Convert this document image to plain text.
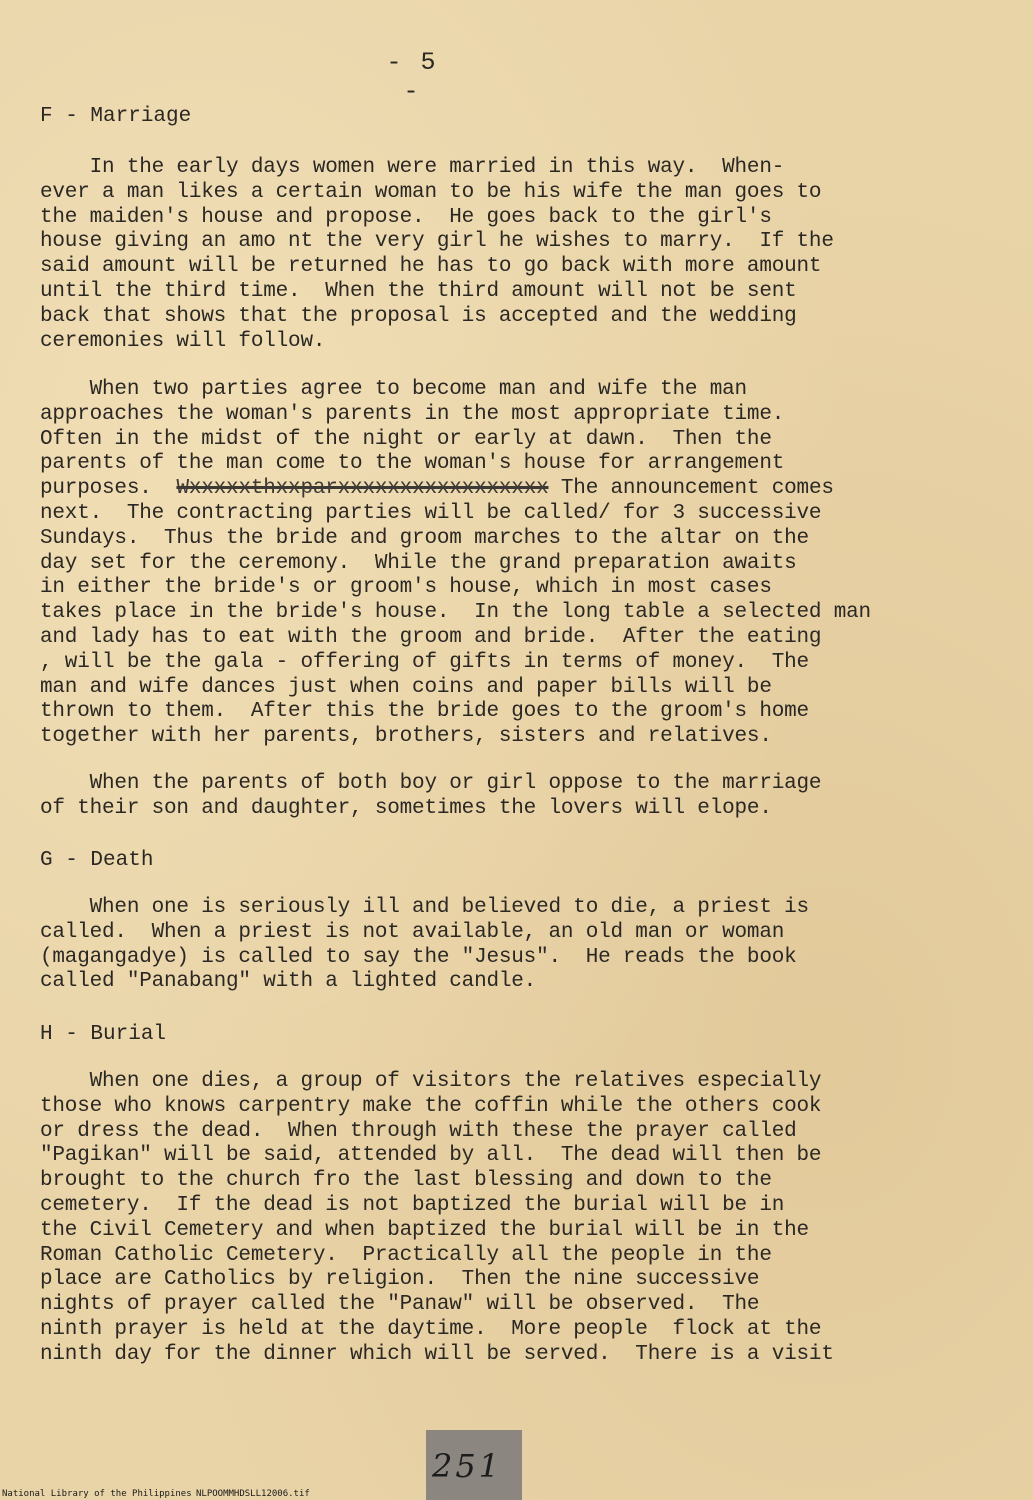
- 5 -
F - Marriage
In the early days women were married in this way.  When-
ever a man likes a certain woman to be his wife the man goes to
the maiden's house and propose.  He goes back to the girl's
house giving an amo nt the very girl he wishes to marry.  If the
said amount will be returned he has to go back with more amount
until the third time.  When the third amount will not be sent
back that shows that the proposal is accepted and the wedding
ceremonies will follow.
When two parties agree to become man and wife the man
approaches the woman's parents in the most appropriate time.
Often in the midst of the night or early at dawn.  Then the
parents of the man come to the woman's house for arrangement
purposes.  Wxxxxxthxxparxxxxxxxxxxxxxxxxx The announcement comes
next.  The contracting parties will be called/ for 3 successive
Sundays.  Thus the bride and groom marches to the altar on the
day set for the ceremony.  While the grand preparation awaits
in either the bride's or groom's house, which in most cases
takes place in the bride's house.  In the long table a selected man
and lady has to eat with the groom and bride.  After the eating
, will be the gala - offering of gifts in terms of money.  The
man and wife dances just when coins and paper bills will be
thrown to them.  After this the bride goes to the groom's home
together with her parents, brothers, sisters and relatives.
When the parents of both boy or girl oppose to the marriage
of their son and daughter, sometimes the lovers will elope.
G - Death
When one is seriously ill and believed to die, a priest is
called.  When a priest is not available, an old man or woman
(magangadye) is called to say the "Jesus".  He reads the book
called "Panabang" with a lighted candle.
H - Burial
When one dies, a group of visitors the relatives especially
those who knows carpentry make the coffin while the others cook
or dress the dead.  When through with these the prayer called
"Pagikan" will be said, attended by all.  The dead will then be
brought to the church fro the last blessing and down to the
cemetery.  If the dead is not baptized the burial will be in
the Civil Cemetery and when baptized the burial will be in the
Roman Catholic Cemetery.  Practically all the people in the
place are Catholics by religion.  Then the nine successive
nights of prayer called the "Panaw" will be observed.  The
ninth prayer is held at the daytime.  More people  flock at the
ninth day for the dinner which will be served.  There is a visit
251
National Library of the Philippines NLPOOMMHDSLL12006.tif
